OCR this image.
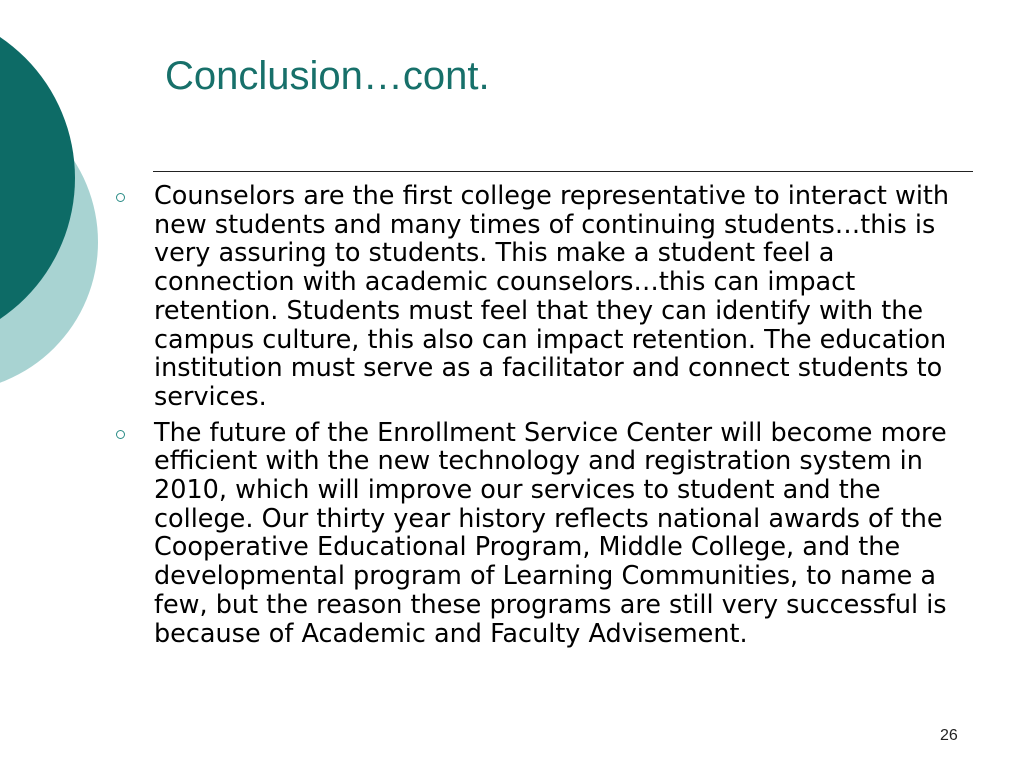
Conclusion…cont.
Counselors are the first college representative to interact with new students and many times of continuing students…this is very assuring to students. This make a student feel a connection with academic counselors…this can impact retention. Students must feel that they can identify with the campus culture, this also can impact retention. The education institution must serve as a facilitator and connect students to services.
The future of the Enrollment Service Center will become more efficient with the new technology and registration system in 2010, which will improve our services to student and the college. Our thirty year history reflects national awards of the Cooperative Educational Program, Middle College, and the developmental program of Learning Communities, to name a few, but the reason these programs are still very successful is because of Academic and Faculty Advisement.
26
